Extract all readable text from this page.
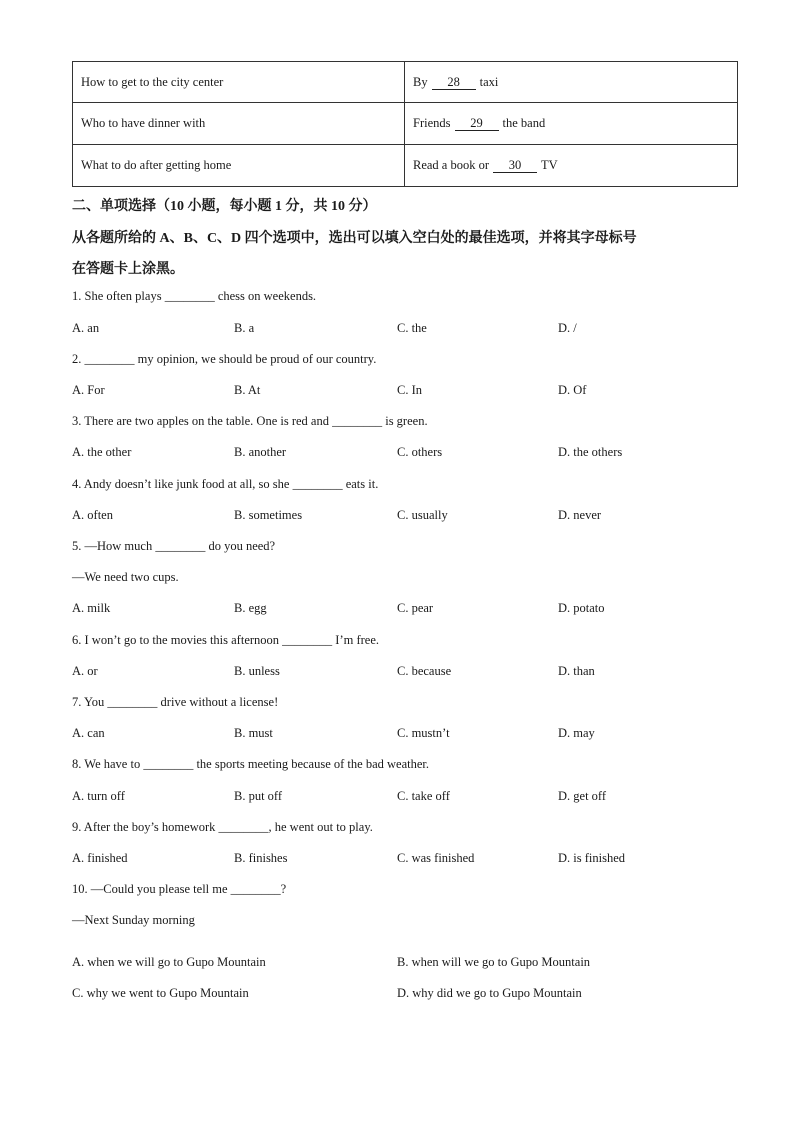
How to get to the city center	By 28 taxi
Who to have dinner with	Friends 29 the band
What to do after getting home	Read a book or 30 TV
二、单项选择（10 小题，每小题 1 分，共 10 分）
从各题所给的 A、B、C、D 四个选项中，选出可以填入空白处的最佳选项，并将其字母标号
在答题卡上涂黑。
1. She often plays ________ chess on weekends.
A. an	B. a	C. the	D. /
2. ________ my opinion, we should be proud of our country.
A. For	B. At	C. In	D. Of
3. There are two apples on the table. One is red and ________ is green.
A. the other	B. another	C. others	D. the others
4. Andy doesn’t like junk food at all, so she ________ eats it.
A. often	B. sometimes	C. usually	D. never
5. —How much ________ do you need?
—We need two cups.
A. milk	B. egg	C. pear	D. potato
6. I won’t go to the movies this afternoon ________ I’m free.
A. or	B. unless	C. because	D. than
7. You ________ drive without a license!
A. can	B. must	C. mustn’t	D. may
8. We have to ________ the sports meeting because of the bad weather.
A. turn off	B. put off	C. take off	D. get off
9. After the boy’s homework ________, he went out to play.
A. finished	B. finishes	C. was finished	D. is finished
10. —Could you please tell me ________?
—Next Sunday morning
A. when we will go to Gupo Mountain	B. when will we go to Gupo Mountain
C. why we went to Gupo Mountain	D. why did we go to Gupo Mountain
